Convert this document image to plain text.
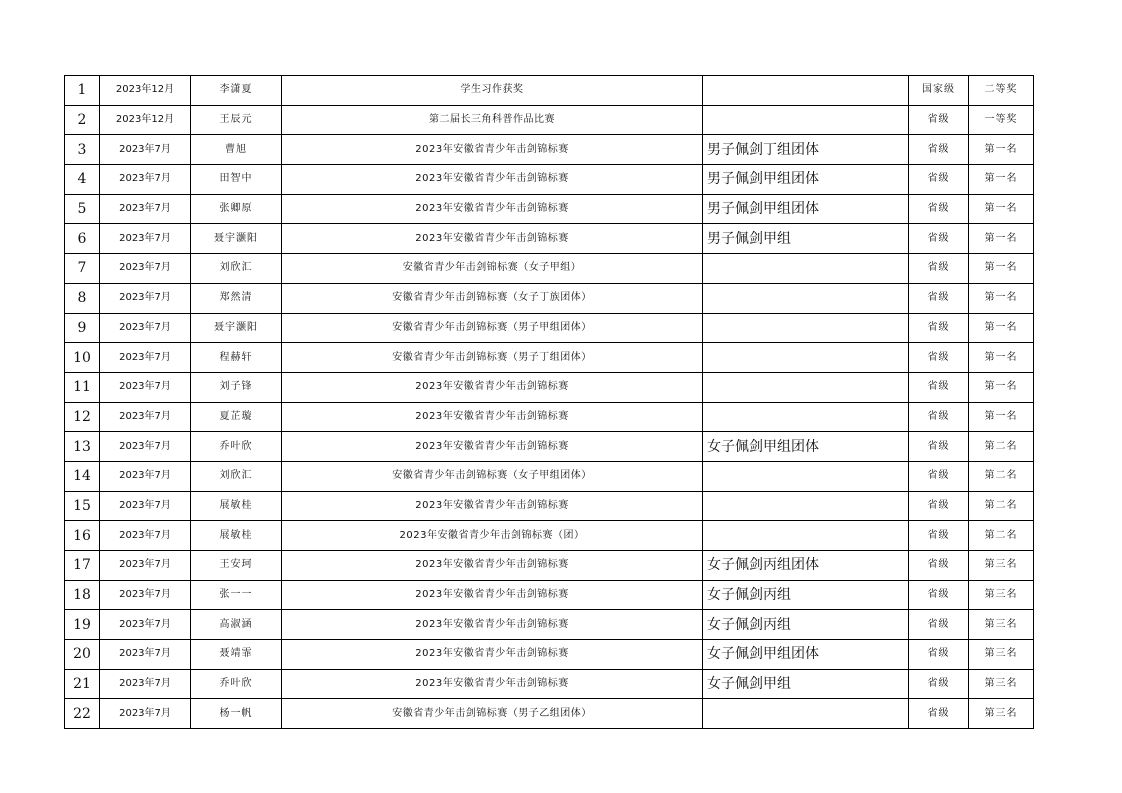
1	2023年12月	李潇夏	学生习作获奖		国家级	二等奖
2	2023年12月	王辰元	第二届长三角科普作品比赛		省级	一等奖
3	2023年7月	曹旭	2023年安徽省青少年击剑锦标赛	男子佩剑丁组团体	省级	第一名
4	2023年7月	田智中	2023年安徽省青少年击剑锦标赛	男子佩剑甲组团体	省级	第一名
5	2023年7月	张卿原	2023年安徽省青少年击剑锦标赛	男子佩剑甲组团体	省级	第一名
6	2023年7月	聂宇灏阳	2023年安徽省青少年击剑锦标赛	男子佩剑甲组	省级	第一名
7	2023年7月	刘欣汇	安徽省青少年击剑锦标赛（女子甲组）		省级	第一名
8	2023年7月	郑然清	安徽省青少年击剑锦标赛（女子丁族团体）		省级	第一名
9	2023年7月	聂宇灏阳	安徽省青少年击剑锦标赛（男子甲组团体）		省级	第一名
10	2023年7月	程赫轩	安徽省青少年击剑锦标赛（男子丁组团体）		省级	第一名
11	2023年7月	刘子锋	2023年安徽省青少年击剑锦标赛		省级	第一名
12	2023年7月	夏芷璇	2023年安徽省青少年击剑锦标赛		省级	第一名
13	2023年7月	乔叶欣	2023年安徽省青少年击剑锦标赛	女子佩剑甲组团体	省级	第二名
14	2023年7月	刘欣汇	安徽省青少年击剑锦标赛（女子甲组团体）		省级	第二名
15	2023年7月	展敏桂	2023年安徽省青少年击剑锦标赛		省级	第二名
16	2023年7月	展敏桂	2023年安徽省青少年击剑锦标赛（团）		省级	第二名
17	2023年7月	王安珂	2023年安徽省青少年击剑锦标赛	女子佩剑丙组团体	省级	第三名
18	2023年7月	张一一	2023年安徽省青少年击剑锦标赛	女子佩剑丙组	省级	第三名
19	2023年7月	高淑涵	2023年安徽省青少年击剑锦标赛	女子佩剑丙组	省级	第三名
20	2023年7月	聂靖霏	2023年安徽省青少年击剑锦标赛	女子佩剑甲组团体	省级	第三名
21	2023年7月	乔叶欣	2023年安徽省青少年击剑锦标赛	女子佩剑甲组	省级	第三名
22	2023年7月	杨一帆	安徽省青少年击剑锦标赛（男子乙组团体）		省级	第三名
